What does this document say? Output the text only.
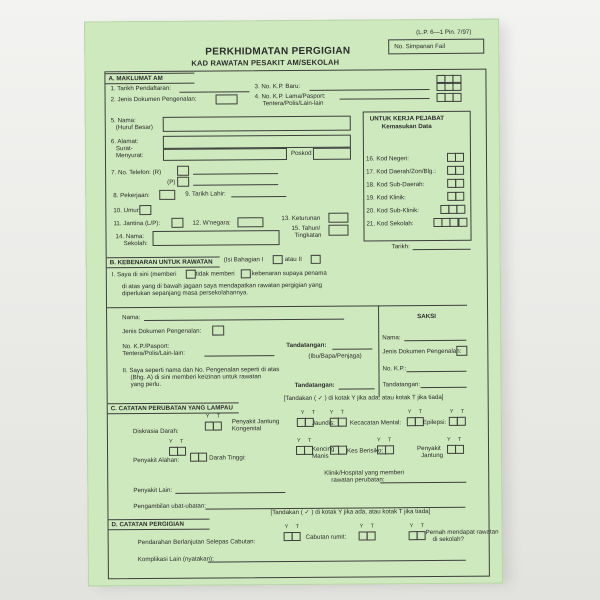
(L.P. 6—1 Pin. 7/97)
PERKHIDMATAN PERGIGIAN
KAD RAWATAN PESAKIT AM/SEKOLAH
No. Simpanan Fail
A. MAKLUMAT AM
1. Tarikh Pendaftaran:
2. Jenis Dokumen Pengenalan:
3. No. K.P. Baru:
4. No. K.P. Lama/Pasport:
Tentera/Polis/Lain-lain
5. Nama:
(Huruf Besar)
6. Alamat:
Surat-
Menyurat:	Poskod
7. No. Telefon: (R)
(P)
8. Pekerjaan:	9. Tarikh Lahir:
10. Umur:
11. Jantina (L/P):	12. W'negara:
13. Keturunan
14. Nama:
Sekolah:
15. Tahun/
Tingkatan
UNTUK KERJA PEJABAT
Kemasukan Data
16. Kod Negeri:
17. Kod Daerah/Zon/Blg.:
18. Kod Sub-Daerah:
19. Kod Klinik:
20. Kod Sub-Klinik:
21. Kod Sekolah:
Tarikh:
B. KEBENARAN UNTUK RAWATAN	(Isi Bahagian I	atau II
I. Saya di sini (memberi	tidak memberi	kebenaran supaya penama
di atas yang di bawah jagaan saya mendapatkan rawatan pergigian yang
diperlukan sepanjang masa persekolahannya.
Nama:
Jenis Dokumen Pengenalan:
No. K.P./Pasport:
Tentera/Polis/Lain-lain:
Tandatangan:
(Ibu/Bapa/Penjaga)
II. Saya seperti nama dan No. Pengenalan seperti di atas
(Bhg. A) di sini memberi keizinan untuk rawatan
yang perlu.	Tandatangan:
SAKSI
Nama:
Jenis Dokumen Pengenalan:
No. K.P.:
Tandatangan:
C. CATATAN PERUBATAN YANG LAMPAU
[Tandakan ( ✓ ) di kotak Y jika ada, atau kotak T jika tiada]
Y T
Y T Y T	Y T	Y T
Diskrasia Darah:
Penyakit Jantung
Kongenital
Jaundis: Kecacatan Mental:	Epilepsi:
Y T	Y T	Y T	Y T
Penyakit Alahan:	Darah Tinggi:
Kencing
Manis
Kes Berisiko:	Penyakit
Jantung
Penyakit Lain:
Klinik/Hospital yang memberi
rawatan perubatan:
Pengambilan ubat-ubatan:
D. CATATAN PERGIGIAN
[Tandakan ( ✓ ) di kotak Y jika ada, atau kotak T jika tiada]
Y T	Y T	Y T
Pendarahan Berlanjutan Selepas Cabutan:
Cabutan rumit:
Pernah mendapat rawatan
di sekolah?
Komplikasi Lain (nyatakan):
